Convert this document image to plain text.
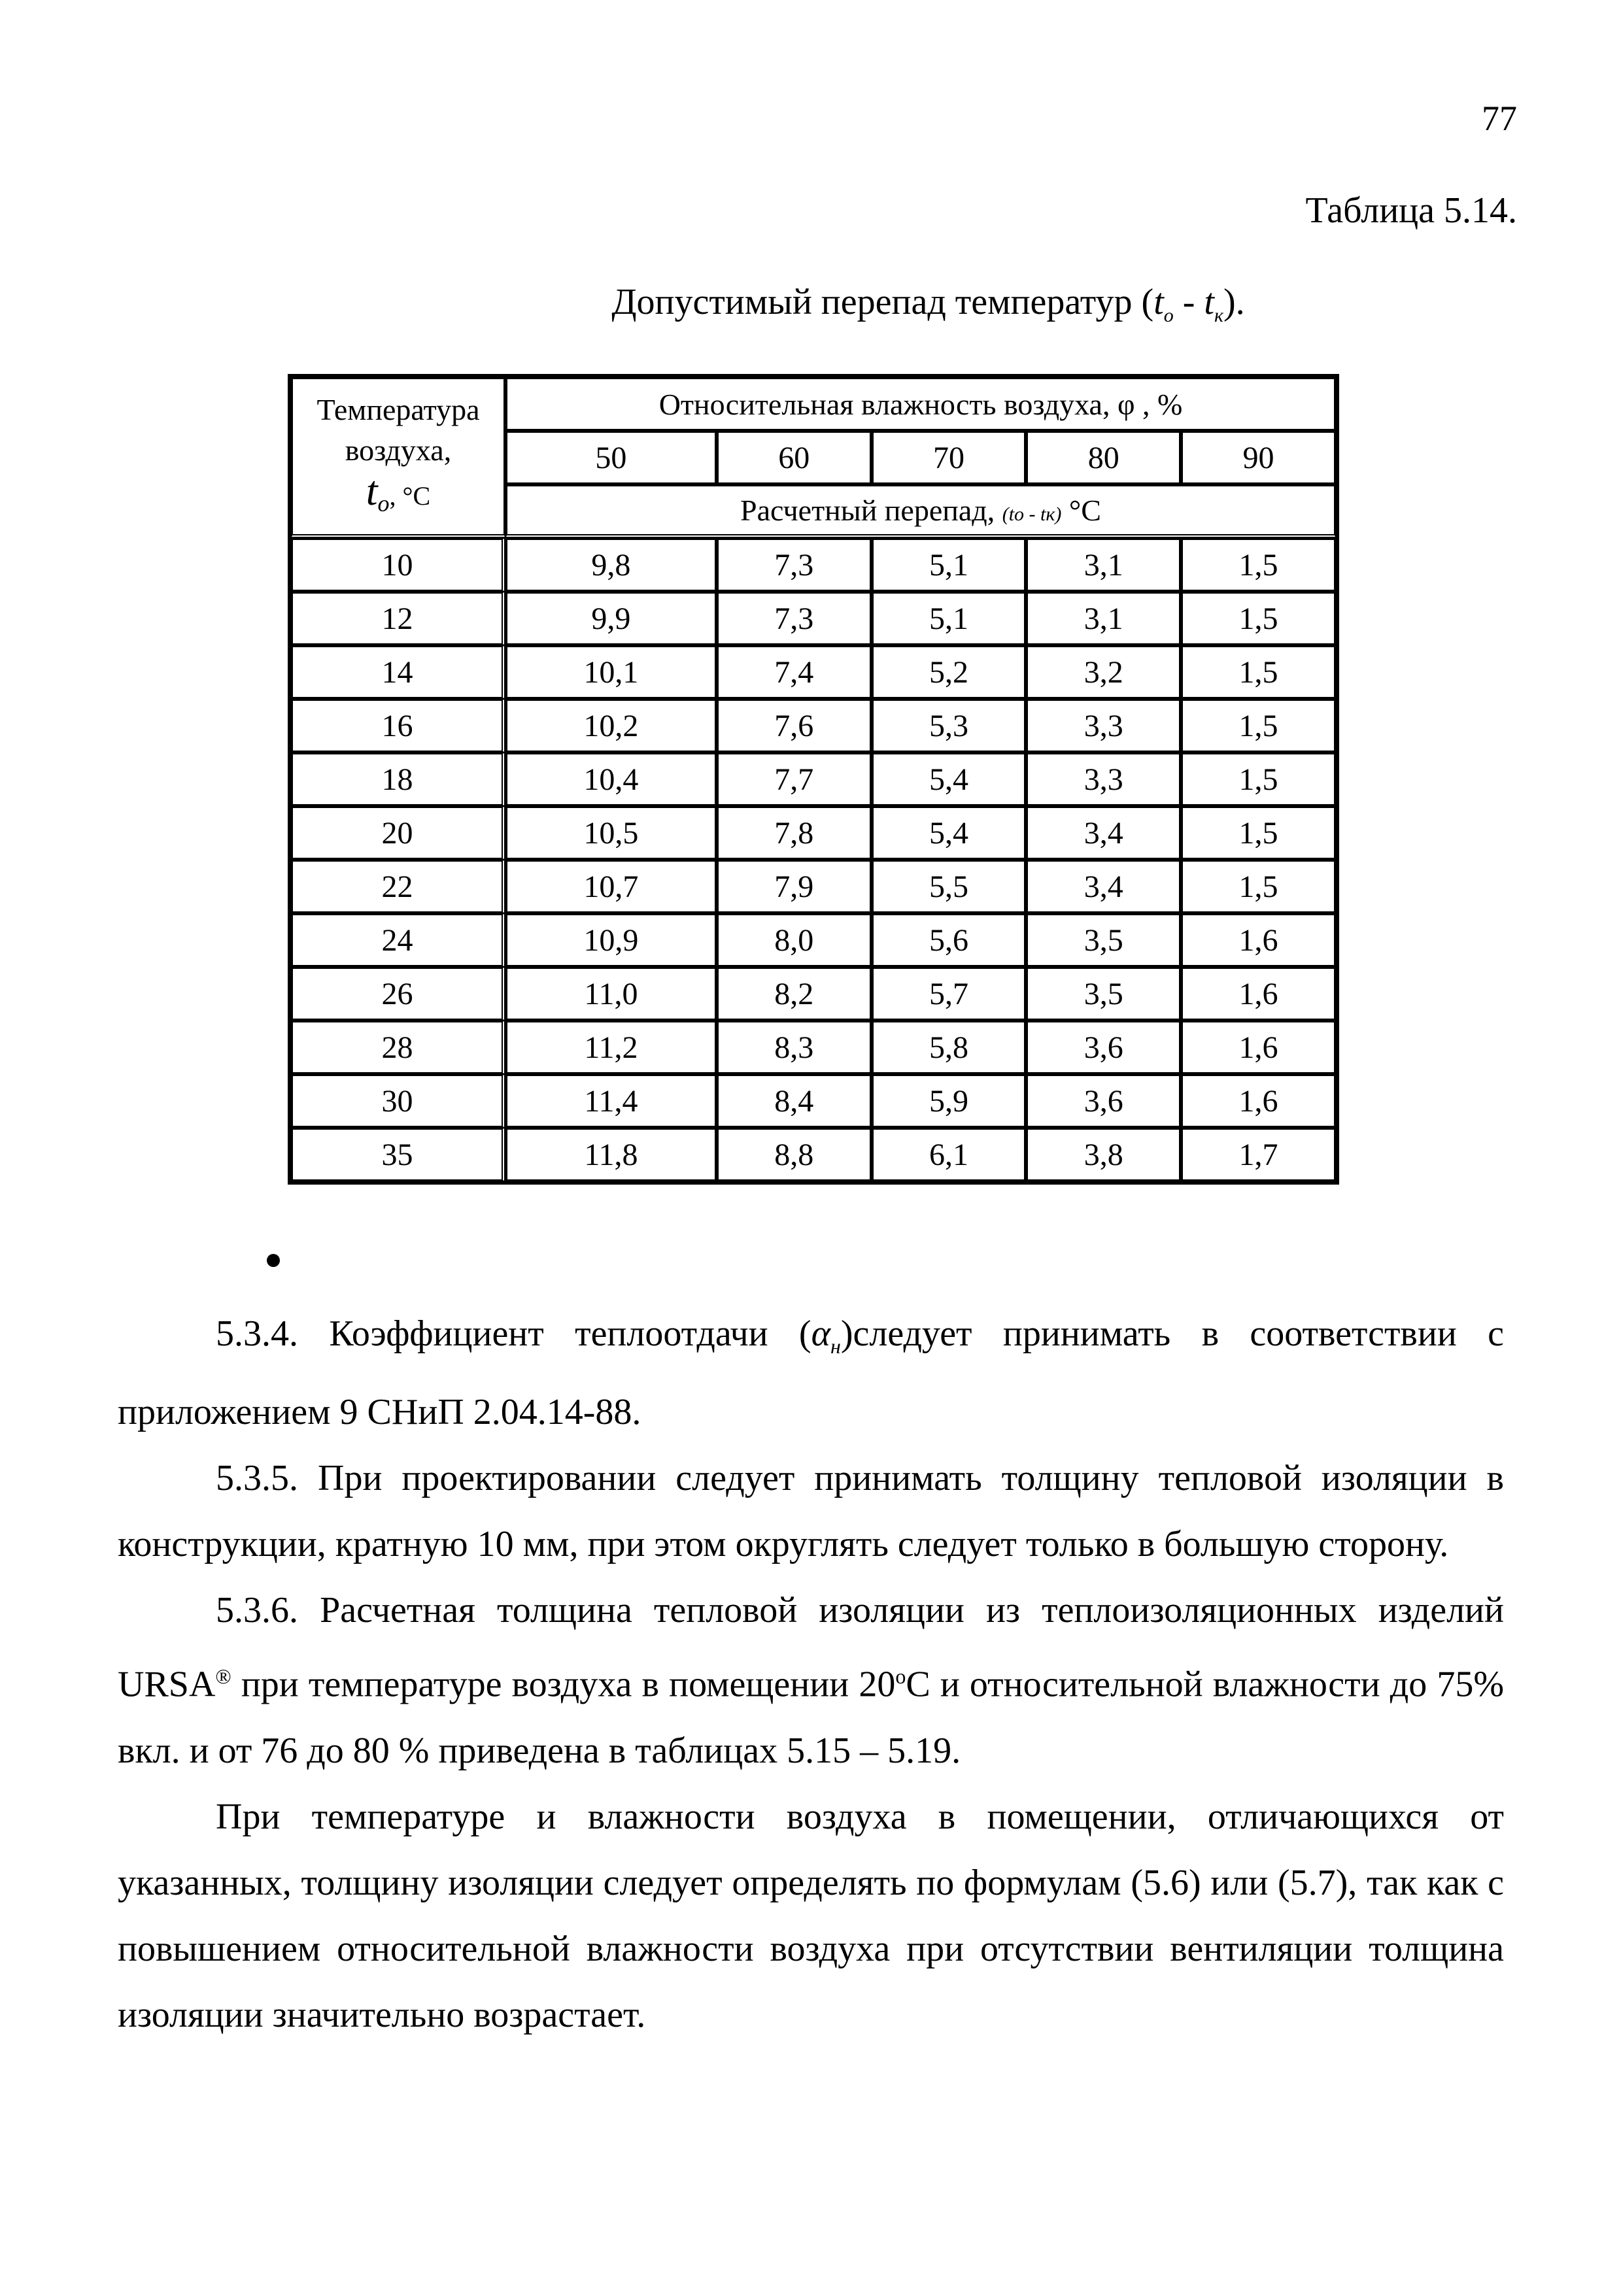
77
Таблица 5.14.
Допустимый перепад температур $(t_о - t_к)$.
Температура
воздуха,
$t_о$, °С	Относительная влажность воздуха, φ , %				
	50	60	70	80	90
	Расчетный перепад, (tо - tк) °С				
10	9,8	7,3	5,1	3,1	1,5
12	9,9	7,3	5,1	3,1	1,5
14	10,1	7,4	5,2	3,2	1,5
16	10,2	7,6	5,3	3,3	1,5
18	10,4	7,7	5,4	3,3	1,5
20	10,5	7,8	5,4	3,4	1,5
22	10,7	7,9	5,5	3,4	1,5
24	10,9	8,0	5,6	3,5	1,6
26	11,0	8,2	5,7	3,5	1,6
28	11,2	8,3	5,8	3,6	1,6
30	11,4	8,4	5,9	3,6	1,6
35	11,8	8,8	6,1	3,8	1,7

5.3.4. Коэффициент теплоотдачи $(\alpha_н)следует$ принимать в соответствии с приложением 9 СНиП 2.04.14-88.

5.3.5. При проектировании следует принимать толщину тепловой изоляции в конструкции, кратную 10 мм, при этом округлять следует только в большую сторону.

5.3.6. Расчетная толщина тепловой изоляции из теплоизоляционных изделий URSA® при температуре воздуха в помещении $20^оС$ и относительной влажности до 75% вкл. и от 76 до 80 % приведена в таблицах 5.15 – 5.19.

При температуре и влажности воздуха в помещении, отличающихся от указанных, толщину изоляции следует определять по формулам (5.6) или (5.7), так как с повышением относительной влажности воздуха при отсутствии вентиляции толщина изоляции значительно возрастает.
